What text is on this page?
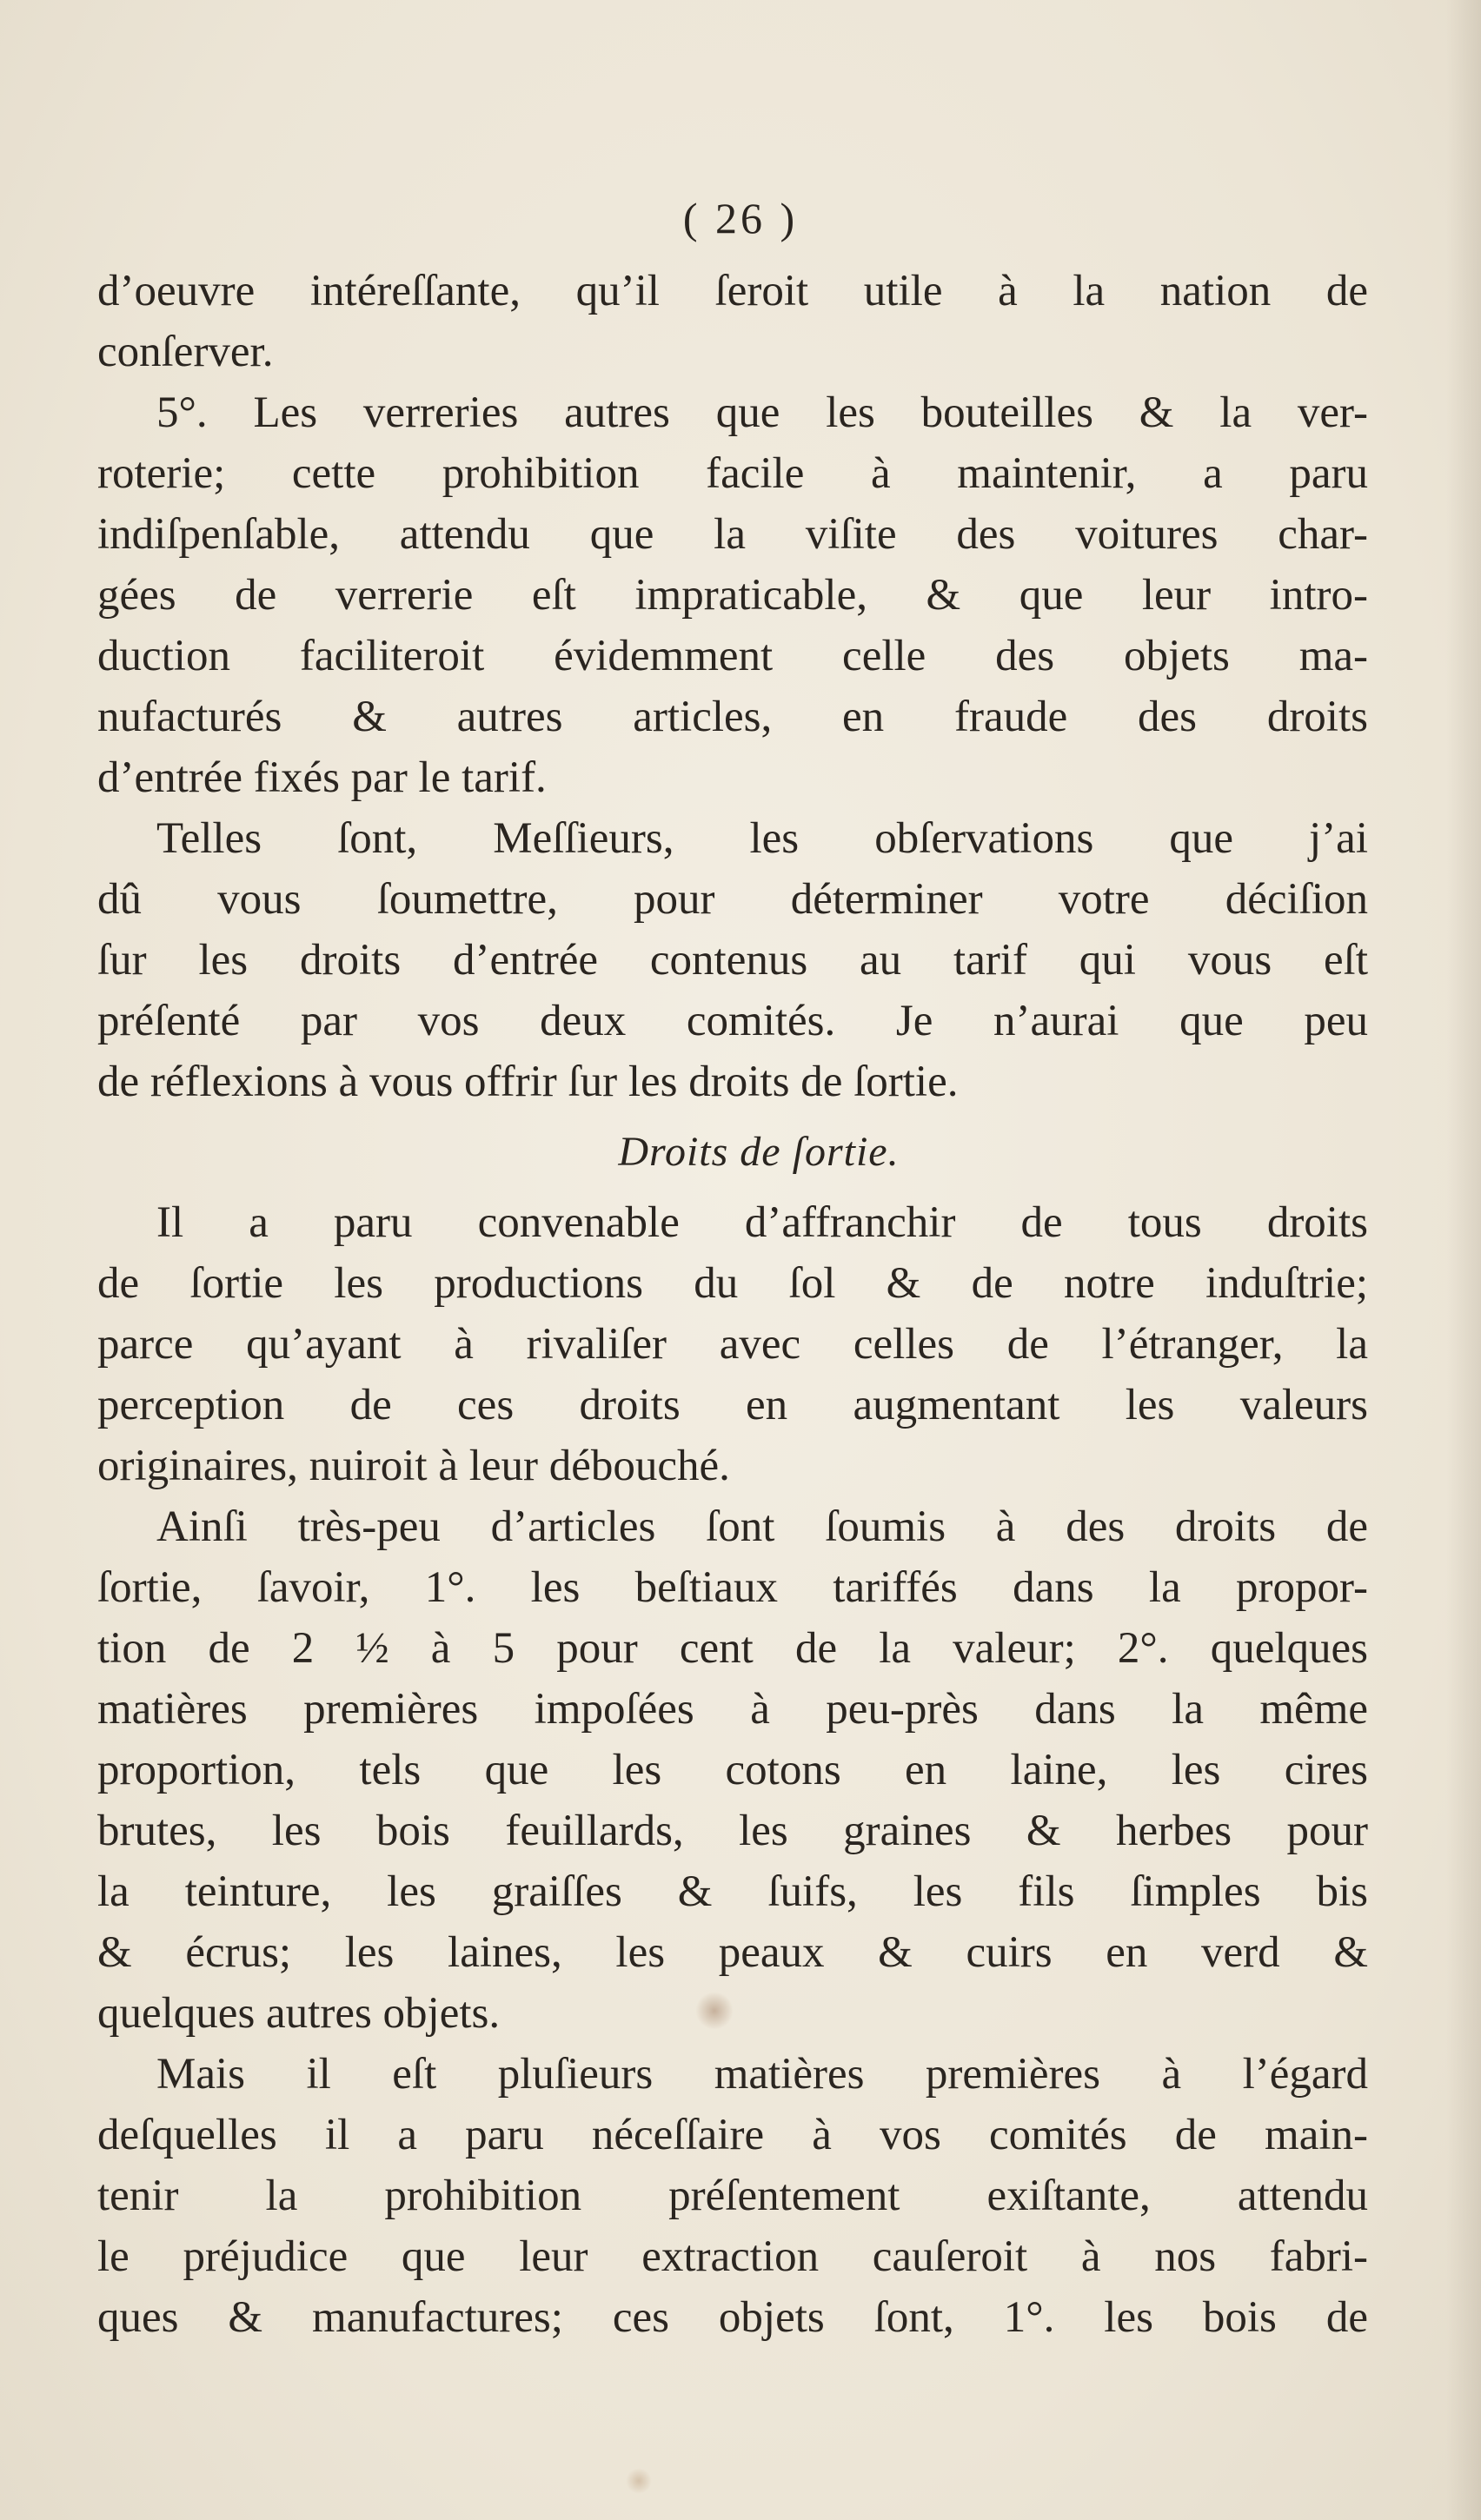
( 26 )
d’oeuvre intéreſſante, qu’il ſeroit utile à la nation de
conſerver.
5°. Les verreries autres que les bouteilles & la ver-
roterie; cette prohibition facile à maintenir, a paru
indiſpenſable, attendu que la viſite des voitures char-
gées de verrerie eſt impraticable, & que leur intro-
duction faciliteroit évidemment celle des objets ma-
nufacturés & autres articles, en fraude des droits
d’entrée fixés par le tarif.
Telles ſont, Meſſieurs, les obſervations que j’ai
dû vous ſoumettre, pour déterminer votre déciſion
ſur les droits d’entrée contenus au tarif qui vous eſt
préſenté par vos deux comités. Je n’aurai que peu
de réflexions à vous offrir ſur les droits de ſortie.
Droits de ſortie.
Il a paru convenable d’affranchir de tous droits
de ſortie les productions du ſol & de notre induſtrie;
parce qu’ayant à rivaliſer avec celles de l’étranger, la
perception de ces droits en augmentant les valeurs
originaires, nuiroit à leur débouché.
Ainſi très-peu d’articles ſont ſoumis à des droits de
ſortie, ſavoir, 1°. les beſtiaux tariffés dans la propor-
tion de 2 ½ à 5 pour cent de la valeur; 2°. quelques
matières premières impoſées à peu-près dans la même
proportion, tels que les cotons en laine, les cires
brutes, les bois feuillards, les graines & herbes pour
la teinture, les graiſſes & ſuifs, les fils ſimples bis
& écrus; les laines, les peaux & cuirs en verd &
quelques autres objets.
Mais il eſt pluſieurs matières premières à l’égard
deſquelles il a paru néceſſaire à vos comités de main-
tenir la prohibition préſentement exiſtante, attendu
le préjudice que leur extraction cauſeroit à nos fabri-
ques & manufactures; ces objets ſont, 1°. les bois de
